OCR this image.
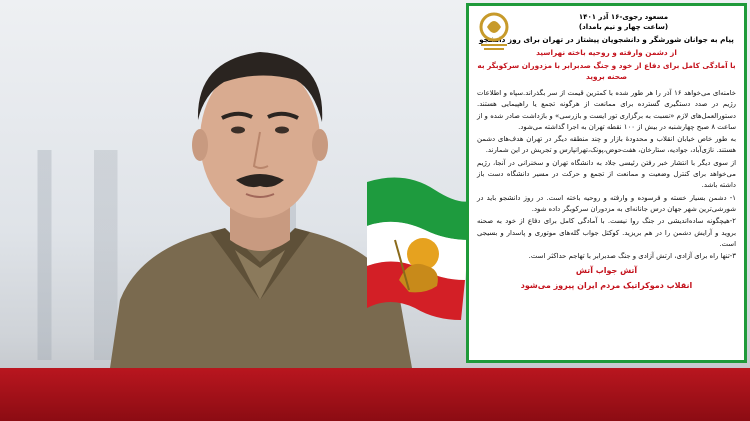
مسعود رجوی-۱۶ آذر ۱۴۰۱
(ساعت چهار و نیم بامداد)
پیام به جوانان شورشگر و دانشجویان پیشتاز در تهران برای روز دانشجو
از دشمن وارفته و روحیه باخته نهراسید
با آمادگی کامل برای دفاع از خود و جنگ صدبرابر با مزدوران سرکوبگر به صحنه بروید

خامنه‌ای می‌خواهد ۱۶ آذر را هر طور شده با کمترین قیمت از سر بگذراند.سپاه و اطلاعات رژیم در صدد دستگیری گسترده برای ممانعت از هرگونه تجمع یا راهپیمایی هستند. دستورالعمل‌های لازم «نسبت به برگزاری تور ایست و بازرسی» و بازداشت صادر شده و از ساعت ۸ صبح چهارشنبه در بیش از ۱۰۰ نقطه تهران به اجرا گذاشته می‌شود.

به طور خاص خیابان انقلاب و محدودهٔ بازار و چند منطقه دیگر در تهران هدف‌های دشمن هستند. نازی‌آباد، جوادیه، ستارخان، هفت‌حوض،پونک،تهرانپارس و تجریش در این شمارند.

از سوی دیگر با انتشار خبر رفتن رئیسی جلاد به دانشگاه تهران و سخنرانی در آنجا، رژیم می‌خواهد برای کنترل وضعیت و ممانعت از تجمع و حرکت در مسیر دانشگاه دست باز داشته باشد.

۱- دشمن بسیار خسته و فرسوده و وارفته و روحیه باخته است. در روز دانشجو باید در شورشی‌ترین شهر جهان درس جانانه‌ای به مزدوران سرکوبگر داده شود.

۲-هیچگونه ساده‌اندیشی در جنگ روا نیست. با آمادگی کامل برای دفاع از خود به صحنه بروید و آرایش دشمن را در هم بریزید. کوکتل جواب گله‌های موتوری و پاسدار و بسیجی است.

۳-تنها راه برای آزادی، ارتش آزادی و جنگ صدبرابر با تهاجم حداکثر است.

آتش جواب آتش
انقلاب دموکراتیک مردم ایران پیروز می‌شود
